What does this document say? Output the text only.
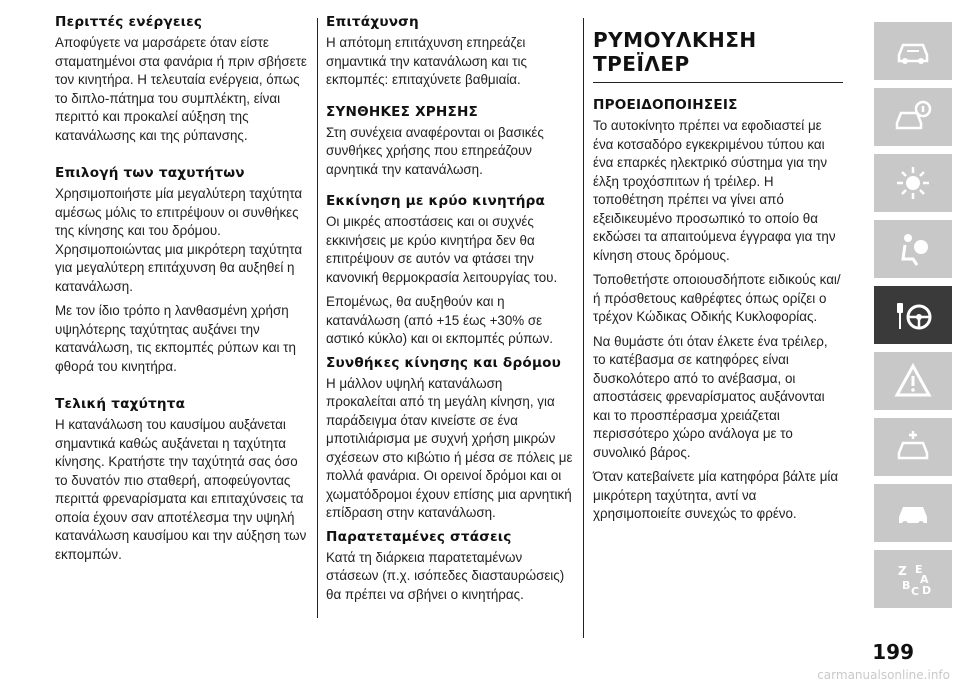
Περιττές ενέργειες

Αποφύγετε να μαρσάρετε όταν είστε σταματημένοι στα φανάρια ή πριν σβήσετε τον κινητήρα. Η τελευταία ενέργεια, όπως το διπλο-πάτημα του συμπλέκτη, είναι περιττό και προκαλεί αύξηση της κατανάλωσης και της ρύπανσης.

Επιλογή των ταχυτήτων

Χρησιμοποιήστε μία μεγαλύτερη ταχύτητα αμέσως μόλις το επιτρέψουν οι συνθήκες της κίνησης και του δρόμου. Χρησιμοποιώντας μια μικρότερη ταχύτητα για μεγαλύτερη επιτάχυνση θα αυξηθεί η κατανάλωση.

Με τον ίδιο τρόπο η λανθασμένη χρήση υψηλότερης ταχύτητας αυξάνει την κατανάλωση, τις εκπομπές ρύπων και τη φθορά του κινητήρα.

Τελική ταχύτητα

Η κατανάλωση του καυσίμου αυξάνεται σημαντικά καθώς αυξάνεται η ταχύτητα κίνησης. Κρατήστε την ταχύτητά σας όσο το δυνατόν πιο σταθερή, αποφεύγοντας περιττά φρεναρίσματα και επιταχύνσεις τα οποία έχουν σαν αποτέλεσμα την υψηλή κατανάλωση καυσίμου και την αύξηση των εκπομπών.

Επιτάχυνση

Η απότομη επιτάχυνση επηρεάζει σημαντικά την κατανάλωση και τις εκπομπές: επιταχύνετε βαθμιαία.

ΣΥΝΘΗΚΕΣ ΧΡΗΣΗΣ

Στη συνέχεια αναφέρονται οι βασικές συνθήκες χρήσης που επηρεάζουν αρνητικά την κατανάλωση.

Εκκίνηση με κρύο κινητήρα

Οι μικρές αποστάσεις και οι συχνές εκκινήσεις με κρύο κινητήρα δεν θα επιτρέψουν σε αυτόν να φτάσει την κανονική θερμοκρασία λειτουργίας του.

Επομένως, θα αυξηθούν και η κατανάλωση (από +15 έως +30% σε αστικό κύκλο) και οι εκπομπές ρύπων.

Συνθήκες κίνησης και δρόμου

Η μάλλον υψηλή κατανάλωση προκαλείται από τη μεγάλη κίνηση, για παράδειγμα όταν κινείστε σε ένα μποτιλιάρισμα με συχνή χρήση μικρών σχέσεων στο κιβώτιο ή μέσα σε πόλεις με πολλά φανάρια. Οι ορεινοί δρόμοι και οι χωματόδρομοι έχουν επίσης μια αρνητική επίδραση στην κατανάλωση.

Παρατεταμένες στάσεις

Κατά τη διάρκεια παρατεταμένων στάσεων (π.χ. ισόπεδες διασταυρώσεις) θα πρέπει να σβήνει ο κινητήρας.

ΡΥΜΟΥΛΚΗΣΗ ΤΡΕΪΛΕΡ
ΠΡΟΕΙΔΟΠΟΙΗΣΕΙΣ

Το αυτοκίνητο πρέπει να εφοδιαστεί με ένα κοτσαδόρο εγκεκριμένου τύπου και ένα επαρκές ηλεκτρικό σύστημα για την έλξη τροχόσπιτων ή τρέιλερ. Η τοποθέτηση πρέπει να γίνει από εξειδικευμένο προσωπικό το οποίο θα εκδώσει τα απαιτούμενα έγγραφα για την κίνηση στους δρόμους.

Τοποθετήστε οποιουσδήποτε ειδικούς και/ή πρόσθετους καθρέφτες όπως ορίζει ο τρέχον Κώδικας Οδικής Κυκλοφορίας.

Να θυμάστε ότι όταν έλκετε ένα τρέιλερ, το κατέβασμα σε κατηφόρες είναι δυσκολότερο από το ανέβασμα, οι αποστάσεις φρεναρίσματος αυξάνονται και το προσπέρασμα χρειάζεται περισσότερο χώρο ανάλογα με το συνολικό βάρος.

Όταν κατεβαίνετε μία κατηφόρα βάλτε μία μικρότερη ταχύτητα, αντί να χρησιμοποιείτε συνεχώς το φρένο.

Z E
A
B C D
199
carmanualsonline.info
